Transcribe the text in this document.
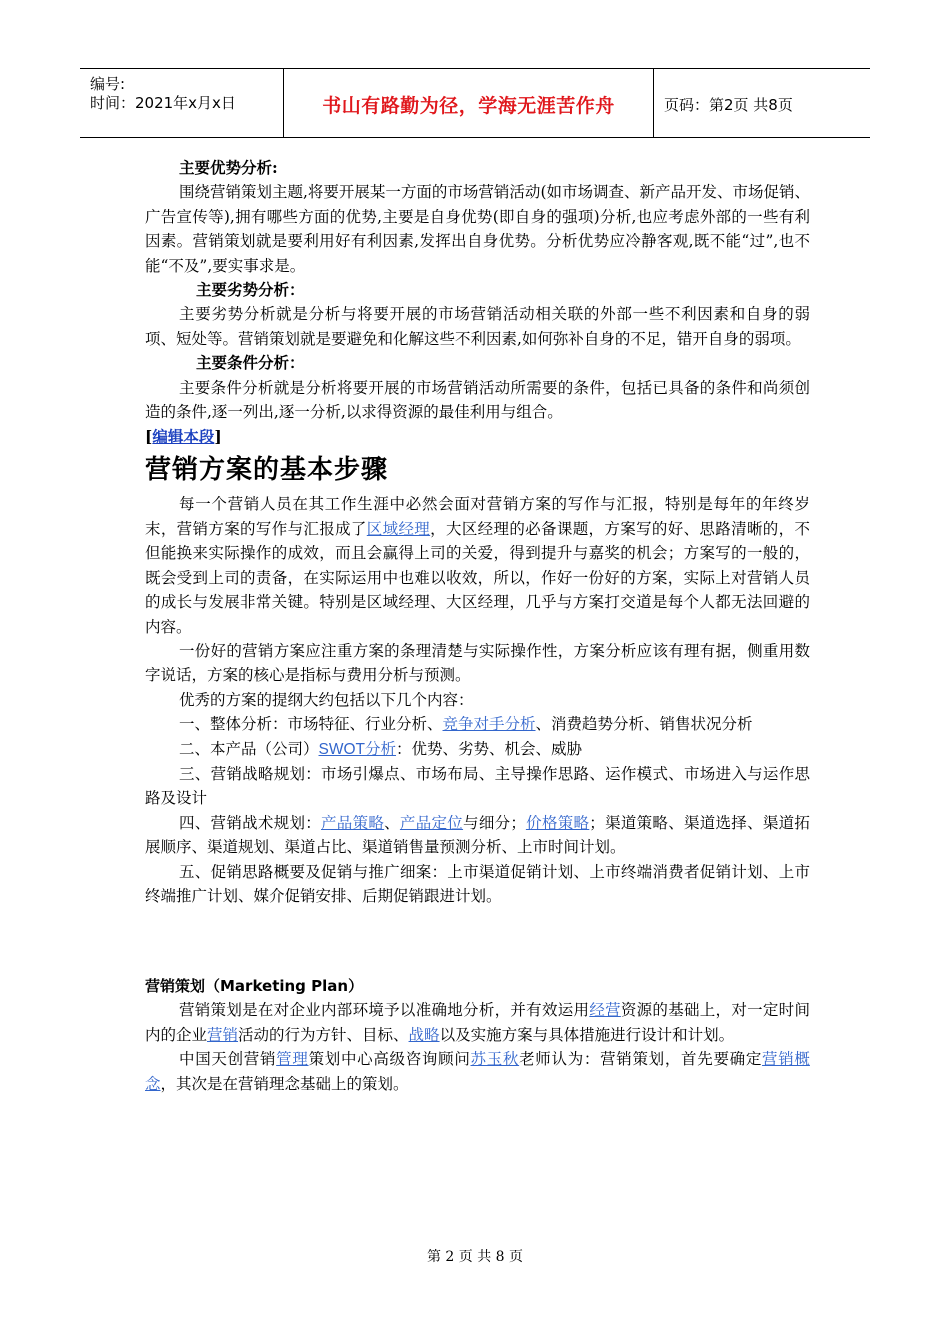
编号:
时间：2021年x月x日	书山有路勤为径，学海无涯苦作舟	页码：第2页 共8页

主要优势分析:

围绕营销策划主题,将要开展某一方面的市场营销活动(如市场调查、新产品开发、市场促销、广告宣传等),拥有哪些方面的优势,主要是自身优势(即自身的强项)分析,也应考虑外部的一些有利因素。营销策划就是要利用好有利因素,发挥出自身优势。分析优势应冷静客观,既不能“过”,也不能“不及”,要实事求是。

主要劣势分析：

主要劣势分析就是分析与将要开展的市场营销活动相关联的外部一些不利因素和自身的弱项、短处等。营销策划就是要避免和化解这些不利因素,如何弥补自身的不足，错开自身的弱项。

主要条件分析：

主要条件分析就是分析将要开展的市场营销活动所需要的条件，包括已具备的条件和尚须创造的条件,逐一列出,逐一分析,以求得资源的最佳利用与组合。

[编辑本段]
营销方案的基本步骤

每一个营销人员在其工作生涯中必然会面对营销方案的写作与汇报，特别是每年的年终岁末，营销方案的写作与汇报成了区域经理，大区经理的必备课题，方案写的好、思路清晰的，不但能换来实际操作的成效，而且会赢得上司的关爱，得到提升与嘉奖的机会；方案写的一般的，既会受到上司的责备，在实际运用中也难以收效，所以，作好一份好的方案，实际上对营销人员的成长与发展非常关键。特别是区域经理、大区经理，几乎与方案打交道是每个人都无法回避的内容。

一份好的营销方案应注重方案的条理清楚与实际操作性，方案分析应该有理有据，侧重用数字说话，方案的核心是指标与费用分析与预测。

优秀的方案的提纲大约包括以下几个内容：

一、整体分析：市场特征、行业分析、竞争对手分析、消费趋势分析、销售状况分析

二、本产品（公司）SWOT分析：优势、劣势、机会、威胁

三、营销战略规划：市场引爆点、市场布局、主导操作思路、运作模式、市场进入与运作思路及设计

四、营销战术规划：产品策略、产品定位与细分；价格策略；渠道策略、渠道选择、渠道拓展顺序、渠道规划、渠道占比、渠道销售量预测分析、上市时间计划。

五、促销思路概要及促销与推广细案：上市渠道促销计划、上市终端消费者促销计划、上市终端推广计划、媒介促销安排、后期促销跟进计划。

营销策划（Marketing Plan）

营销策划是在对企业内部环境予以准确地分析，并有效运用经营资源的基础上，对一定时间内的企业营销活动的行为方针、目标、战略以及实施方案与具体措施进行设计和计划。

中国天创营销管理策划中心高级咨询顾问苏玉秋老师认为：营销策划，首先要确定营销概念，其次是在营销理念基础上的策划。

第 2 页 共 8 页
